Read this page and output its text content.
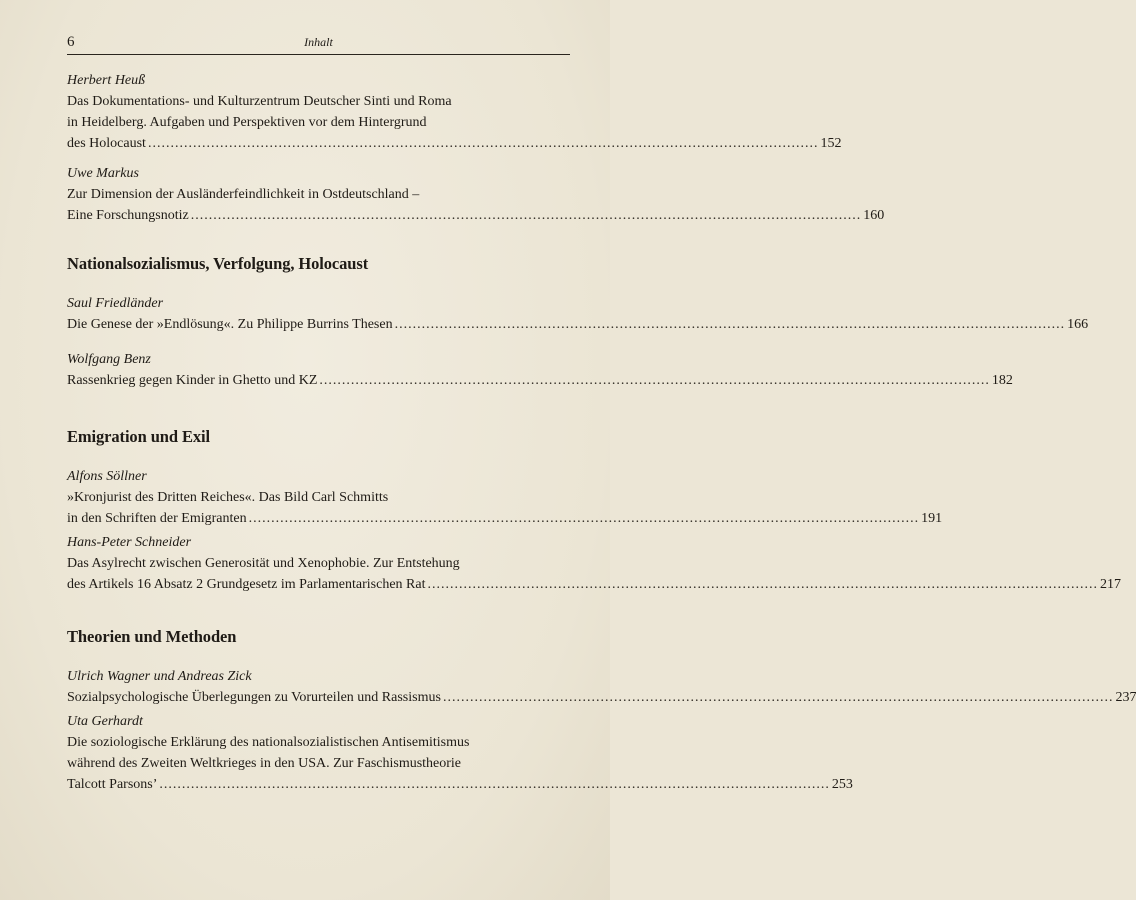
6	Inhalt
Herbert Heuß
Das Dokumentations- und Kulturzentrum Deutscher Sinti und Roma
in Heidelberg. Aufgaben und Perspektiven vor dem Hintergrund
des Holocaust ..................................................................................................................................................... 152
Uwe Markus
Zur Dimension der Ausländerfeindlichkeit in Ostdeutschland –
Eine Forschungsnotiz ..................................................................................................................................................... 160
Nationalsozialismus, Verfolgung, Holocaust
Saul Friedländer
Die Genese der »Endlösung«. Zu Philippe Burrins Thesen ..................................................................................................................................................... 166
Wolfgang Benz
Rassenkrieg gegen Kinder in Ghetto und KZ ..................................................................................................................................................... 182
Emigration und Exil
Alfons Söllner
»Kronjurist des Dritten Reiches«. Das Bild Carl Schmitts
in den Schriften der Emigranten ..................................................................................................................................................... 191
Hans-Peter Schneider
Das Asylrecht zwischen Generosität und Xenophobie. Zur Entstehung
des Artikels 16 Absatz 2 Grundgesetz im Parlamentarischen Rat ..................................................................................................................................................... 217
Theorien und Methoden
Ulrich Wagner und Andreas Zick
Sozialpsychologische Überlegungen zu Vorurteilen und Rassismus ..................................................................................................................................................... 237
Uta Gerhardt
Die soziologische Erklärung des nationalsozialistischen Antisemitismus
während des Zweiten Weltkrieges in den USA. Zur Faschismustheorie
Talcott Parsons’ ..................................................................................................................................................... 253
